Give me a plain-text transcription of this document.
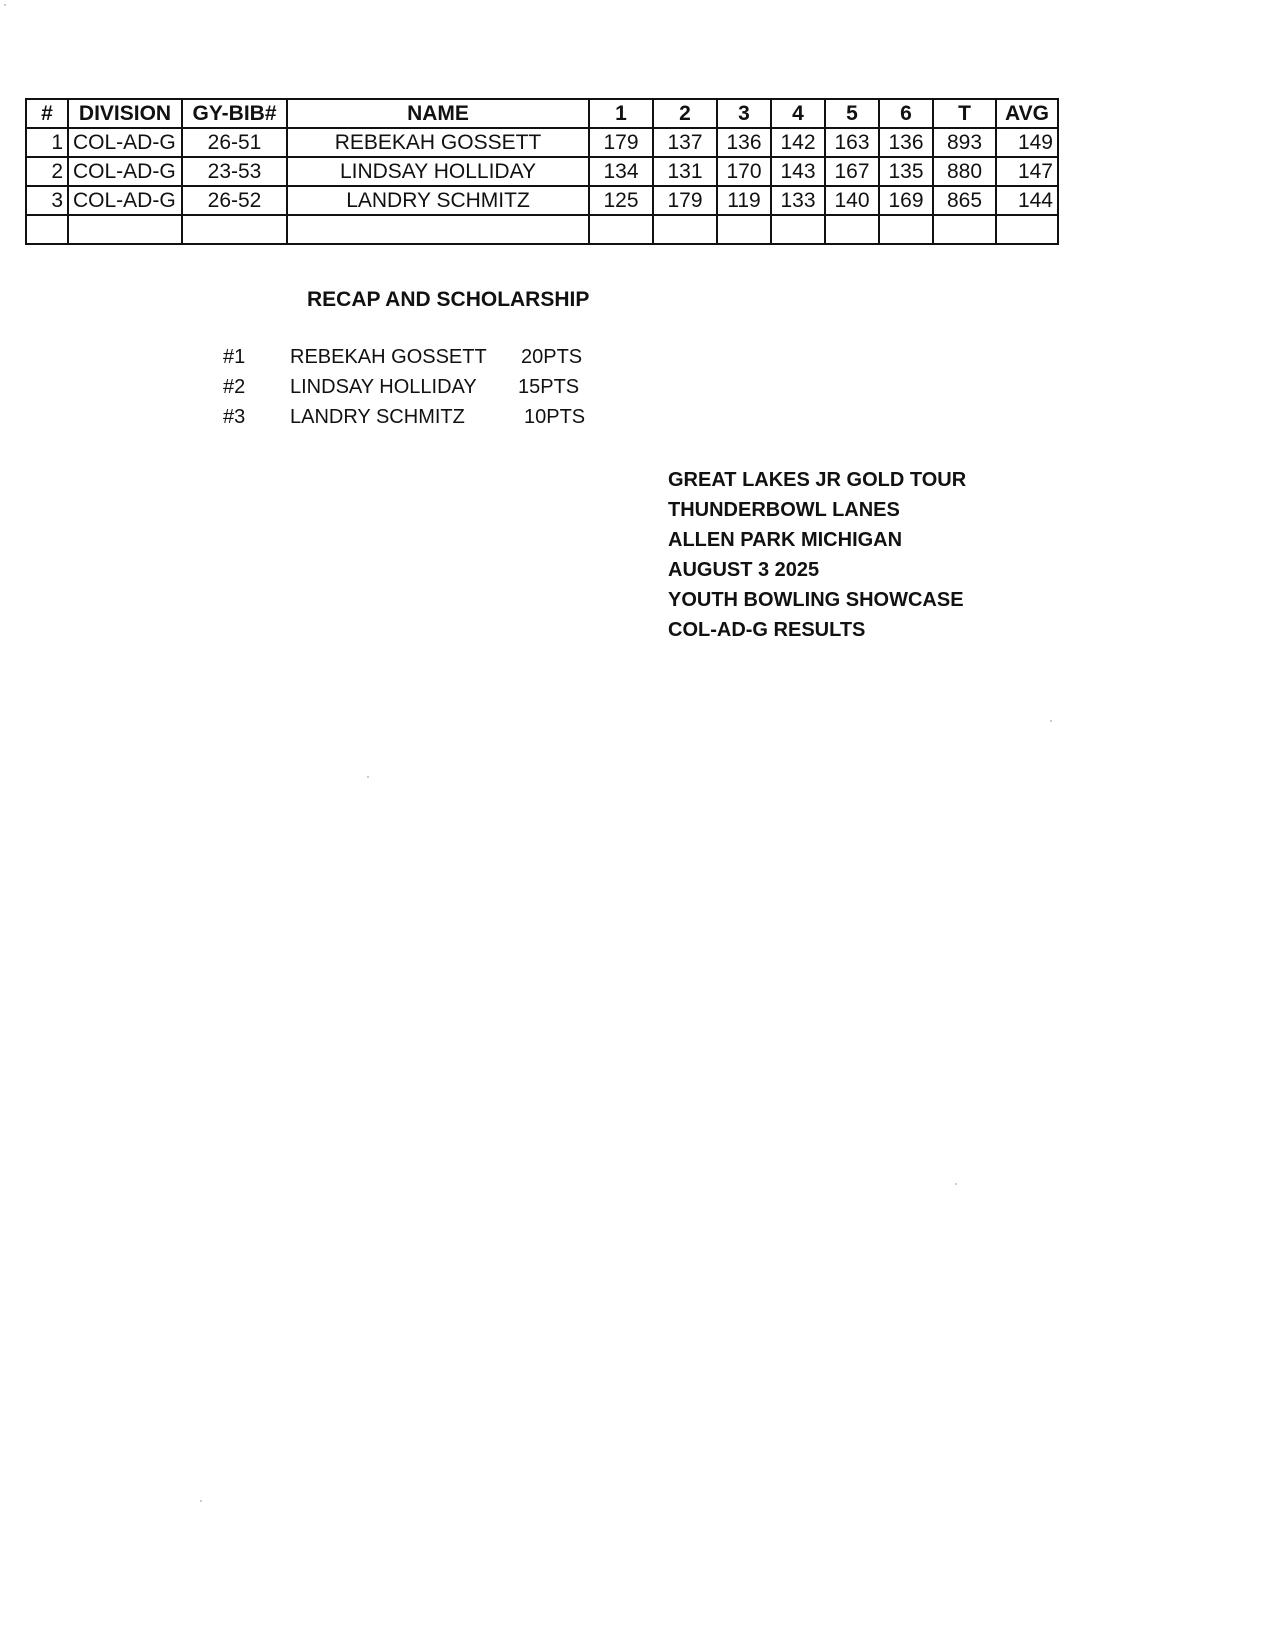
#	DIVISION	GY-BIB#	NAME	1	2	3	4	5	6	T	AVG
1	COL-AD-G	26-51	REBEKAH GOSSETT	179	137	136	142	163	136	893	149
2	COL-AD-G	23-53	LINDSAY HOLLIDAY	134	131	170	143	167	135	880	147
3	COL-AD-G	26-52	LANDRY SCHMITZ	125	179	119	133	140	169	865	144

RECAP AND SCHOLARSHIP
#1 REBEKAH GOSSETT 20PTS
#2 LINDSAY HOLLIDAY 15PTS
#3 LANDRY SCHMITZ	10PTS
GREAT LAKES JR GOLD TOUR
THUNDERBOWL LANES
ALLEN PARK MICHIGAN
AUGUST 3 2025
YOUTH BOWLING SHOWCASE
COL-AD-G RESULTS
